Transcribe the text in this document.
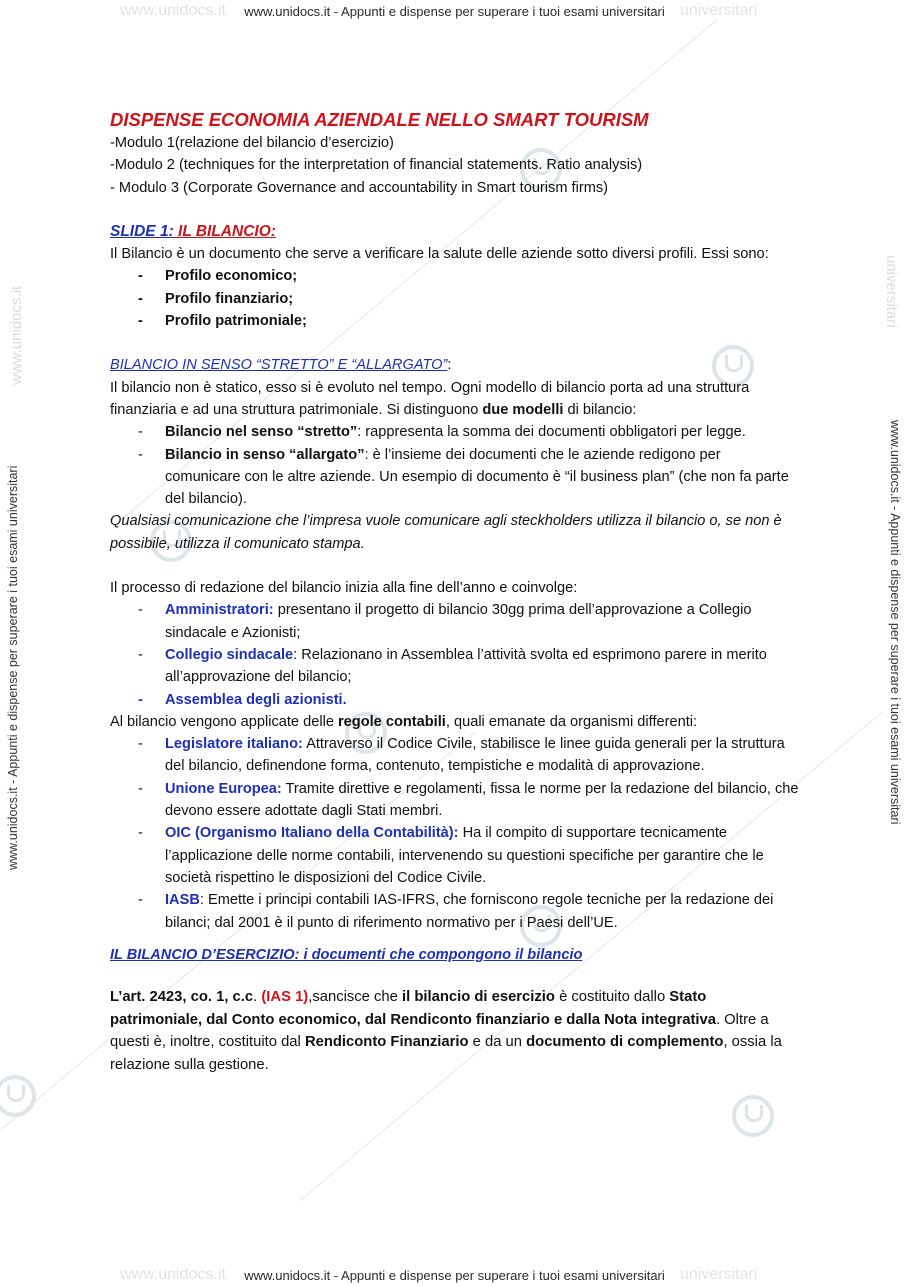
www.unidocs.it	universitari
www.unidocs.it - Appunti e dispense per superare i tuoi esami universitari
www.unidocs.it	universitari
www.unidocs.it - Appunti e dispense per superare i tuoi esami universitari
www.unidocs.it - Appunti e dispense per superare i tuoi esami universitari
www.unidocs.it
www.unidocs.it - Appunti e dispense per superare i tuoi esami universitari
universitari

DISPENSE ECONOMIA AZIENDALE NELLO SMART TOURISM

-Modulo 1(relazione del bilancio d’esercizio)

-Modulo 2 (techniques for the interpretation of financial statements. Ratio analysis)

- Modulo 3 (Corporate Governance and accountability in Smart tourism firms)

SLIDE 1: IL BILANCIO:

Il Bilancio è un documento che serve a verificare la salute delle aziende sotto diversi profili. Essi sono:

- Profilo economico;
- Profilo finanziario;
- Profilo patrimoniale;

BILANCIO IN SENSO “STRETTO” E “ALLARGATO”:

Il bilancio non è statico, esso si è evoluto nel tempo. Ogni modello di bilancio porta ad una struttura finanziaria e ad una struttura patrimoniale. Si distinguono due modelli di bilancio:

- Bilancio nel senso “stretto”: rappresenta la somma dei documenti obbligatori per legge.
- Bilancio in senso “allargato”: è l’insieme dei documenti che le aziende redigono per comunicare con le altre aziende. Un esempio di documento è “il business plan” (che non fa parte del bilancio).

Qualsiasi comunicazione che l’impresa vuole comunicare agli steckholders utilizza il bilancio o, se non è possibile, utilizza il comunicato stampa.

Il processo di redazione del bilancio inizia alla fine dell’anno e coinvolge:

- Amministratori: presentano il progetto di bilancio 30gg prima dell’approvazione a Collegio sindacale e Azionisti;
- Collegio sindacale: Relazionano in Assemblea l’attività svolta ed esprimono parere in merito all’approvazione del bilancio;
- Assemblea degli azionisti.

Al bilancio vengono applicate delle regole contabili, quali emanate da organismi differenti:

- Legislatore italiano: Attraverso il Codice Civile, stabilisce le linee guida generali per la struttura del bilancio, definendone forma, contenuto, tempistiche e modalità di approvazione.
- Unione Europea: Tramite direttive e regolamenti, fissa le norme per la redazione del bilancio, che devono essere adottate dagli Stati membri.
- OIC (Organismo Italiano della Contabilità): Ha il compito di supportare tecnicamente l’applicazione delle norme contabili, intervenendo su questioni specifiche per garantire che le società rispettino le disposizioni del Codice Civile.
- IASB: Emette i principi contabili IAS-IFRS, che forniscono regole tecniche per la redazione dei bilanci; dal 2001 è il punto di riferimento normativo per i Paesi dell’UE.

IL BILANCIO D’ESERCIZIO: i documenti che compongono il bilancio

L’art. 2423, co. 1, c.c. (IAS 1),sancisce che il bilancio di esercizio è costituito dallo Stato patrimoniale, dal Conto economico, dal Rendiconto finanziario e dalla Nota integrativa. Oltre a questi è, inoltre, costituito dal Rendiconto Finanziario e da un documento di complemento, ossia la relazione sulla gestione.
